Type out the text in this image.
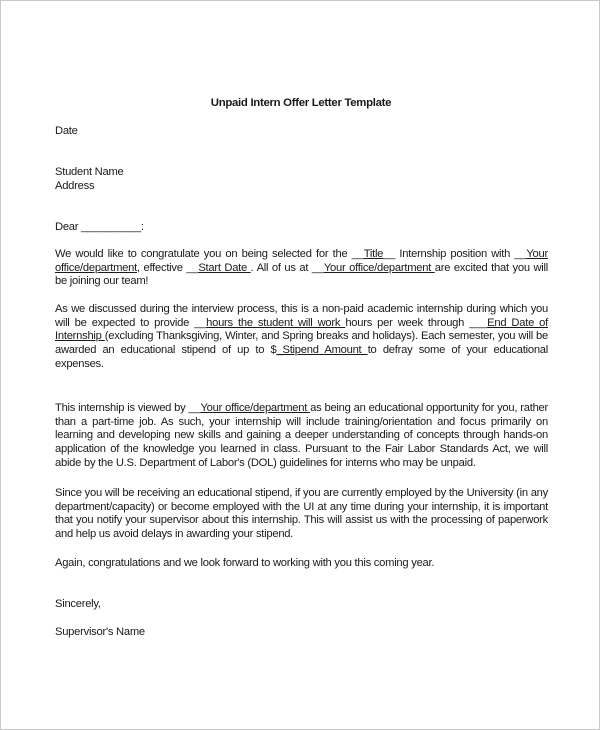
Unpaid Intern Offer Letter Template
Date
Student Name
Address
Dear __________:
We would like to congratulate you on being selected for the __Title__ Internship position with __Your office/department, effective __Start Date . All of us at __Your office/department are excited that you will be joining our team!
As we discussed during the interview process, this is a non-paid academic internship during which you will be expected to provide __hours the student will work hours per week through ___End Date of Internship (excluding Thanksgiving, Winter, and Spring breaks and holidays). Each semester, you will be awarded an educational stipend of up to $_Stipend Amount to defray some of your educational expenses.
This internship is viewed by __Your office/department as being an educational opportunity for you, rather than a part-time job. As such, your internship will include training/orientation and focus primarily on learning and developing new skills and gaining a deeper understanding of concepts through hands-on application of the knowledge you learned in class. Pursuant to the Fair Labor Standards Act, we will abide by the U.S. Department of Labor's (DOL) guidelines for interns who may be unpaid.
Since you will be receiving an educational stipend, if you are currently employed by the University (in any department/capacity) or become employed with the UI at any time during your internship, it is important that you notify your supervisor about this internship. This will assist us with the processing of paperwork and help us avoid delays in awarding your stipend.
Again, congratulations and we look forward to working with you this coming year.
Sincerely,
Supervisor's Name
